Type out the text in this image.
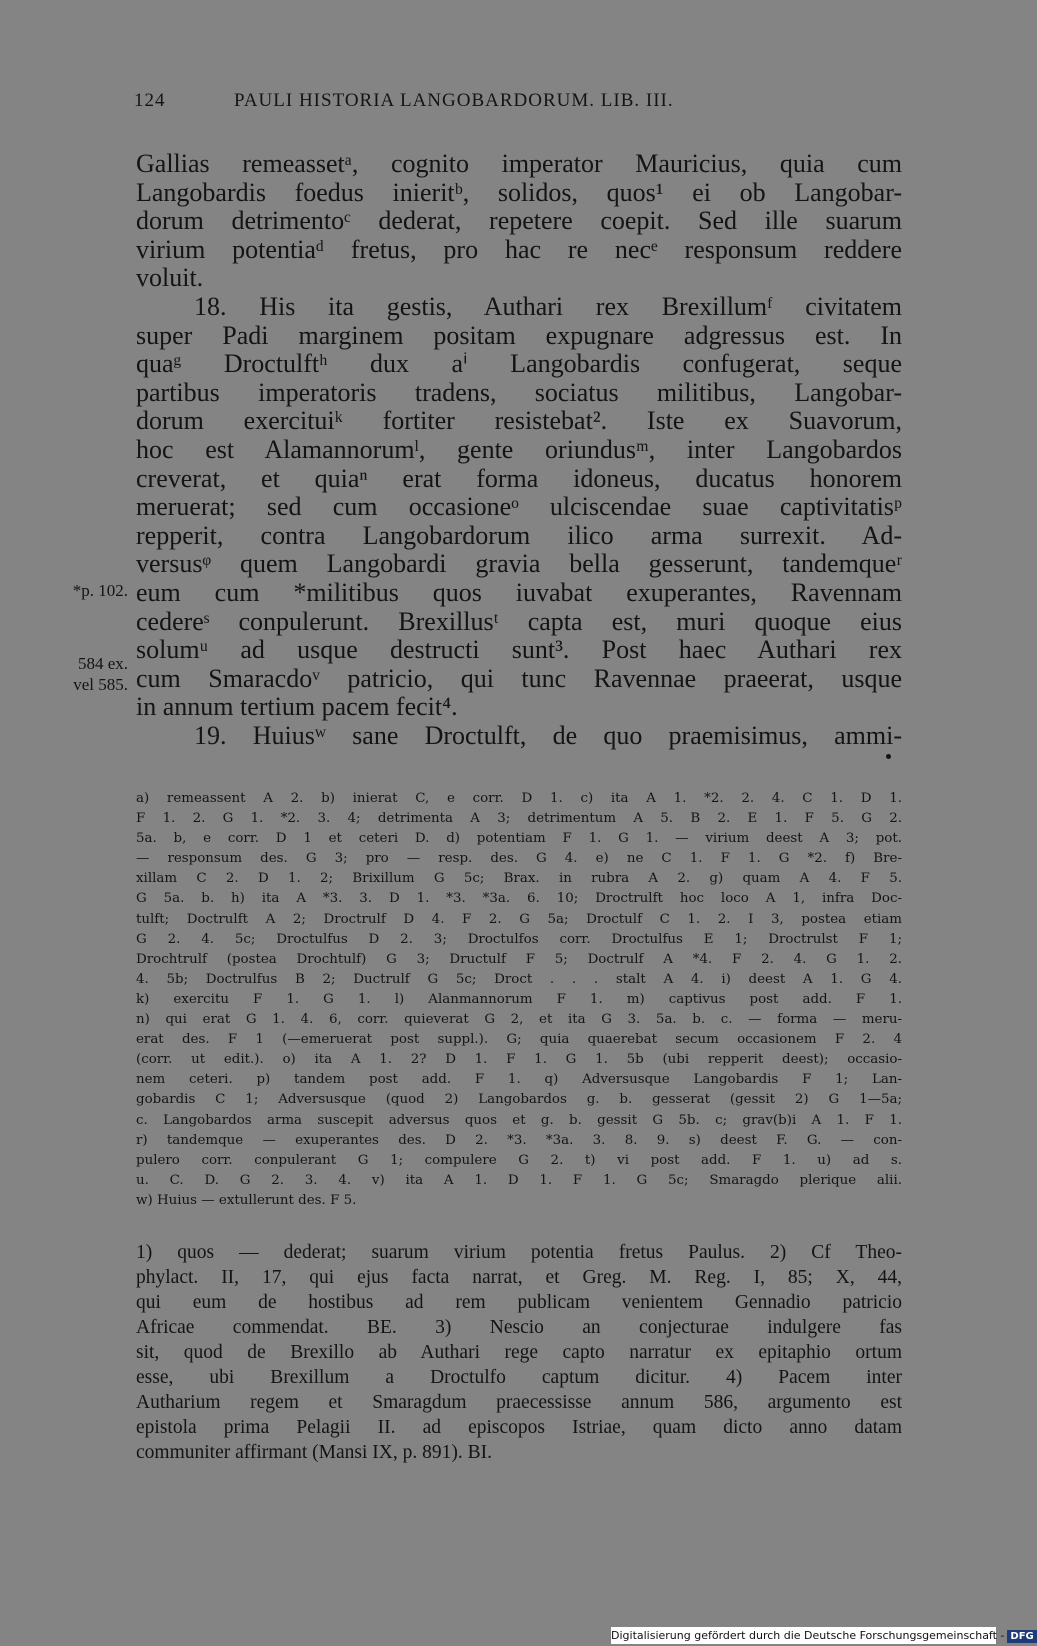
124	PAULI HISTORIA LANGOBARDORUM. LIB. III.
Gallias remeassetᵃ, cognito imperator Mauricius, quia cum
Langobardis foedus inieritᵇ, solidos, quos¹ ei ob Langobar-
dorum detrimentoᶜ dederat, repetere coepit. Sed ille suarum
virium potentiaᵈ fretus, pro hac re necᵉ responsum reddere
voluit.
18. His ita gestis, Authari rex Brexillumᶠ civitatem
super Padi marginem positam expugnare adgressus est. In
quaᵍ Droctulftʰ dux aⁱ Langobardis confugerat, seque
partibus imperatoris tradens, sociatus militibus, Langobar-
dorum exercituiᵏ fortiter resistebat². Iste ex Suavorum,
hoc est Alamannorumˡ, gente oriundusᵐ, inter Langobardos
creverat, et quiaⁿ erat forma idoneus, ducatus honorem
meruerat; sed cum occasioneᵒ ulciscendae suae captivitatisᵖ
repperit, contra Langobardorum ilico arma surrexit. Ad-
versusᵠ quem Langobardi gravia bella gesserunt, tandemqueʳ
eum cum *militibus quos iuvabat exuperantes, Ravennam
cedereˢ conpulerunt. Brexillusᵗ capta est, muri quoque eius
solumᵘ ad usque destructi sunt³. Post haec Authari rex
cum Smaracdoᵛ patricio, qui tunc Ravennae praeerat, usque
in annum tertium pacem fecit⁴.
19. Huiusʷ sane Droctulft, de quo praemisimus, ammi-
*p. 102.
584 ex.
vel 585.
a) remeassent A 2. b) inierat C, e corr. D 1. c) ita A 1. *2. 2. 4. C 1. D 1.
F 1. 2. G 1. *2. 3. 4; detrimenta A 3; detrimentum A 5. B 2. E 1. F 5. G 2.
5a. b, e corr. D 1 et ceteri D. d) potentiam F 1. G 1. — virium deest A 3; pot.
— responsum des. G 3; pro — resp. des. G 4. e) ne C 1. F 1. G *2. f) Bre-
xillam C 2. D 1. 2; Brixillum G 5c; Brax. in rubra A 2. g) quam A 4. F 5.
G 5a. b. h) ita A *3. 3. D 1. *3. *3a. 6. 10; Droctrulft hoc loco A 1, infra Doc-
tulft; Doctrulft A 2; Droctrulf D 4. F 2. G 5a; Droctulf C 1. 2. I 3, postea etiam
G 2. 4. 5c; Droctulfus D 2. 3; Droctulfos corr. Droctulfus E 1; Droctrulst F 1;
Drochtrulf (postea Drochtulf) G 3; Dructulf F 5; Doctrulf A *4. F 2. 4. G 1. 2.
4. 5b; Doctrulfus B 2; Ductrulf G 5c; Droct . . . stalt A 4. i) deest A 1. G 4.
k) exercitu F 1. G 1. l) Alanmannorum F 1. m) captivus post add. F 1.
n) qui erat G 1. 4. 6, corr. quieverat G 2, et ita G 3. 5a. b. c. — forma — meru-
erat des. F 1 (—emeruerat post suppl.). G; quia quaerebat secum occasionem F 2. 4
(corr. ut edit.). o) ita A 1. 2? D 1. F 1. G 1. 5b (ubi repperit deest); occasio-
nem ceteri. p) tandem post add. F 1. q) Adversusque Langobardis F 1; Lan-
gobardis C 1; Adversusque (quod 2) Langobardos g. b. gesserat (gessit 2) G 1—5a;
c. Langobardos arma suscepit adversus quos et g. b. gessit G 5b. c; grav(b)i A 1. F 1.
r) tandemque — exuperantes des. D 2. *3. *3a. 3. 8. 9. s) deest F. G. — con-
pulero corr. conpulerant G 1; compulere G 2. t) vi post add. F 1. u) ad s.
u. C. D. G 2. 3. 4. v) ita A 1. D 1. F 1. G 5c; Smaragdo plerique alii.
w) Huius — extullerunt des. F 5.
1) quos — dederat; suarum virium potentia fretus Paulus. 2) Cf Theo-
phylact. II, 17, qui ejus facta narrat, et Greg. M. Reg. I, 85; X, 44,
qui eum de hostibus ad rem publicam venientem Gennadio patricio
Africae commendat. BE. 3) Nescio an conjecturae indulgere fas
sit, quod de Brexillo ab Authari rege capto narratur ex epitaphio ortum
esse, ubi Brexillum a Droctulfo captum dicitur. 4) Pacem inter
Autharium regem et Smaragdum praecessisse annum 586, argumento est
epistola prima Pelagii II. ad episcopos Istriae, quam dicto anno datam
communiter affirmant (Mansi IX, p. 891). BI.
Digitalisierung gefördert durch die Deutsche Forschungsgemeinschaft - DFG
